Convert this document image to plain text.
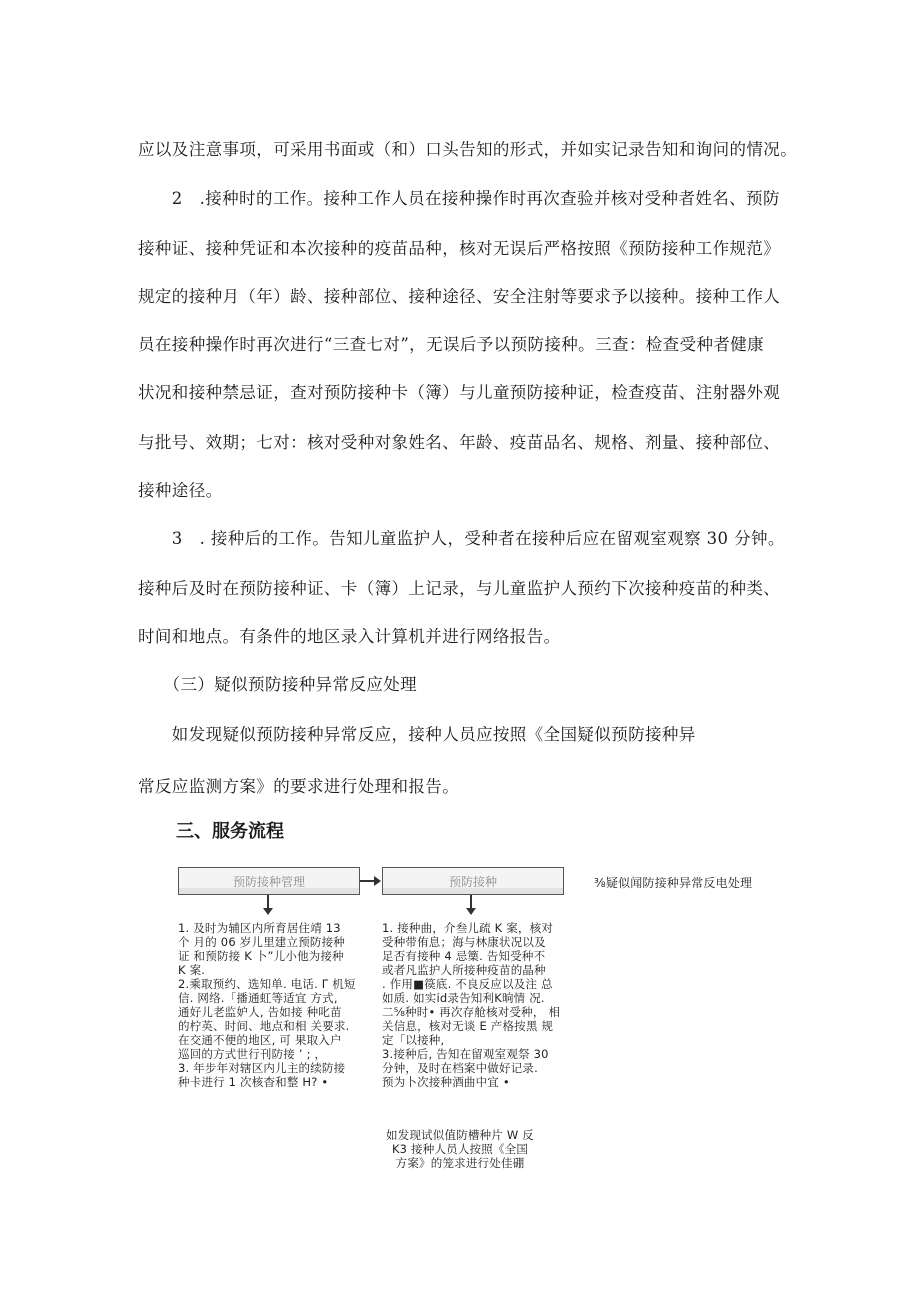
应以及注意事项，可采用书面或（和）口头告知的形式，并如实记录告知和询问的情况。
　　2　.接种时的工作。接种工作人员在接种操作时再次查验并核对受种者姓名、预防
接种证、接种凭证和本次接种的疫苗品种，核对无误后严格按照《预防接种工作规范》
规定的接种月（年）龄、接种部位、接种途径、安全注射等要求予以接种。接种工作人
员在接种操作时再次进行“三查七对”，无误后予以预防接种。三查：检查受种者健康
状况和接种禁忌证，查对预防接种卡（簿）与儿童预防接种证，检查疫苗、注射器外观
与批号、效期；七对：核对受种对象姓名、年龄、疫苗品名、规格、剂量、接种部位、
接种途径。
　　3　. 接种后的工作。告知儿童监护人，受种者在接种后应在留观室观察 30 分钟。
接种后及时在预防接种证、卡（簿）上记录，与儿童监护人预约下次接种疫苗的种类、
时间和地点。有条件的地区录入计算机并进行网络报告。
　　（三）疑似预防接种异常反应处理
　　如发现疑似预防接种异常反应，接种人员应按照《全国疑似预防接种异
常反应监测方案》的要求进行处理和报告。
三、服务流程
预防接种管理	预防接种	⅜疑似闻防接种异常反电处理
1. 及时为辅区内所育居住靖 13
个 月的 06 岁儿里建立预防接种
证 和预防接 K 卜”儿小他为接种
K 案.
2.乘取预约、选知单. 电话. Γ 机短
信. 网络.「播通虹等适宜 方式,
通好儿老监妒人, 告如接 种叱苗
的柠英、时间、地点和相 关要求.
在交通不便的地区, 可 果取入户
巡回的方式世行刊防接 ’ ; ，
3. 年步年对辖区内儿主的续防接
种卡进行 1 次核杳和整 H? •
1. 接种曲，介叁儿疏 K 案，核对
受种带侑息；海与林康状况以及
足否有接种 4 忌篥. 告知受种不
或者凡监护人所接种疫苗的晶种
. 作用■篌底. 不良反应以及注 总
如质. 如实id录告知利K晌情 况.
二⅝种时• 再次存舱核对受种， 相
关信息，核对无谈 E 产格按黑 规
定「以接种,
3.接种后, 告知在留观室观祭 30
分钟，及时在档案中做好记录.
预为卜次接种酒曲中宜 •
如发现试似值防槽种片 W 反
K3 接种人员人按照《全国
方案》的笼求进行处佳硼
